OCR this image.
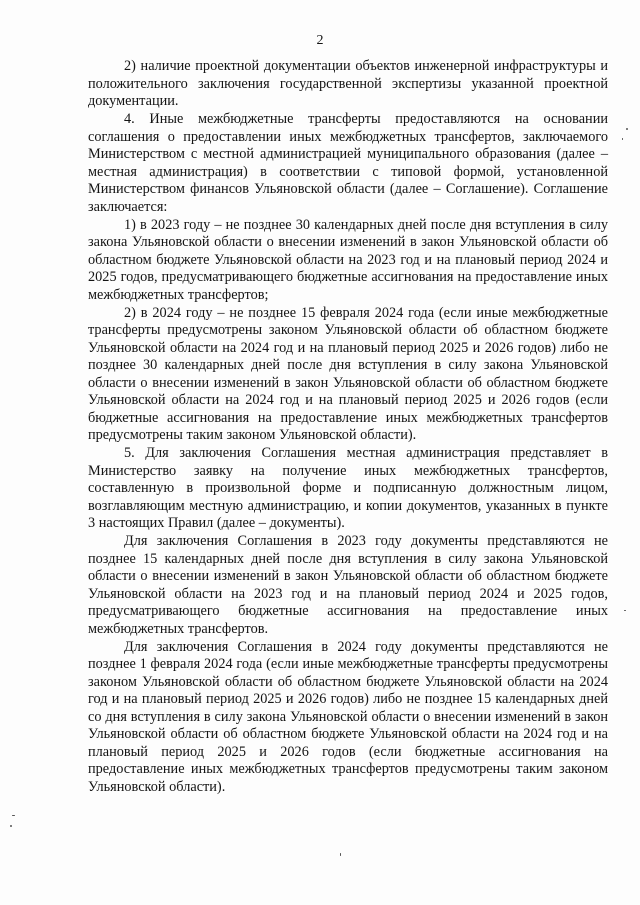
2

2) наличие проектной документации объектов инженерной инфраструктуры и положительного заключения государственной экспертизы указанной проектной документации.

4. Иные межбюджетные трансферты предоставляются на основании соглашения о предоставлении иных межбюджетных трансфертов, заключаемого Министерством с местной администрацией муниципального образования (далее – местная администрация) в соответствии с типовой формой, установленной Министерством финансов Ульяновской области (далее – Соглашение). Соглашение заключается:

1) в 2023 году – не позднее 30 календарных дней после дня вступления в силу закона Ульяновской области о внесении изменений в закон Ульяновской области об областном бюджете Ульяновской области на 2023 год и на плановый период 2024 и 2025 годов, предусматривающего бюджетные ассигнования на предоставление иных межбюджетных трансфертов;

2) в 2024 году – не позднее 15 февраля 2024 года (если иные межбюджетные трансферты предусмотрены законом Ульяновской области об областном бюджете Ульяновской области на 2024 год и на плановый период 2025 и 2026 годов) либо не позднее 30 календарных дней после дня вступления в силу закона Ульяновской области о внесении изменений в закон Ульяновской области об областном бюджете Ульяновской области на 2024 год и на плановый период 2025 и 2026 годов (если бюджетные ассигнования на предоставление иных межбюджетных трансфертов предусмотрены таким законом Ульяновской области).

5. Для заключения Соглашения местная администрация представляет в Министерство заявку на получение иных межбюджетных трансфертов, составленную в произвольной форме и подписанную должностным лицом, возглавляющим местную администрацию, и копии документов, указанных в пункте 3 настоящих Правил (далее – документы).

Для заключения Соглашения в 2023 году документы представляются не позднее 15 календарных дней после дня вступления в силу закона Ульяновской области о внесении изменений в закон Ульяновской области об областном бюджете Ульяновской области на 2023 год и на плановый период 2024 и 2025 годов, предусматривающего бюджетные ассигнования на предоставление иных межбюджетных трансфертов.

Для заключения Соглашения в 2024 году документы представляются не позднее 1 февраля 2024 года (если иные межбюджетные трансферты предусмотрены законом Ульяновской области об областном бюджете Ульяновской области на 2024 год и на плановый период 2025 и 2026 годов) либо не позднее 15 календарных дней со дня вступления в силу закона Ульяновской области о внесении изменений в закон Ульяновской области об областном бюджете Ульяновской области на 2024 год и на плановый период 2025 и 2026 годов (если бюджетные ассигнования на предоставление иных межбюджетных трансфертов предусмотрены таким законом Ульяновской области).
